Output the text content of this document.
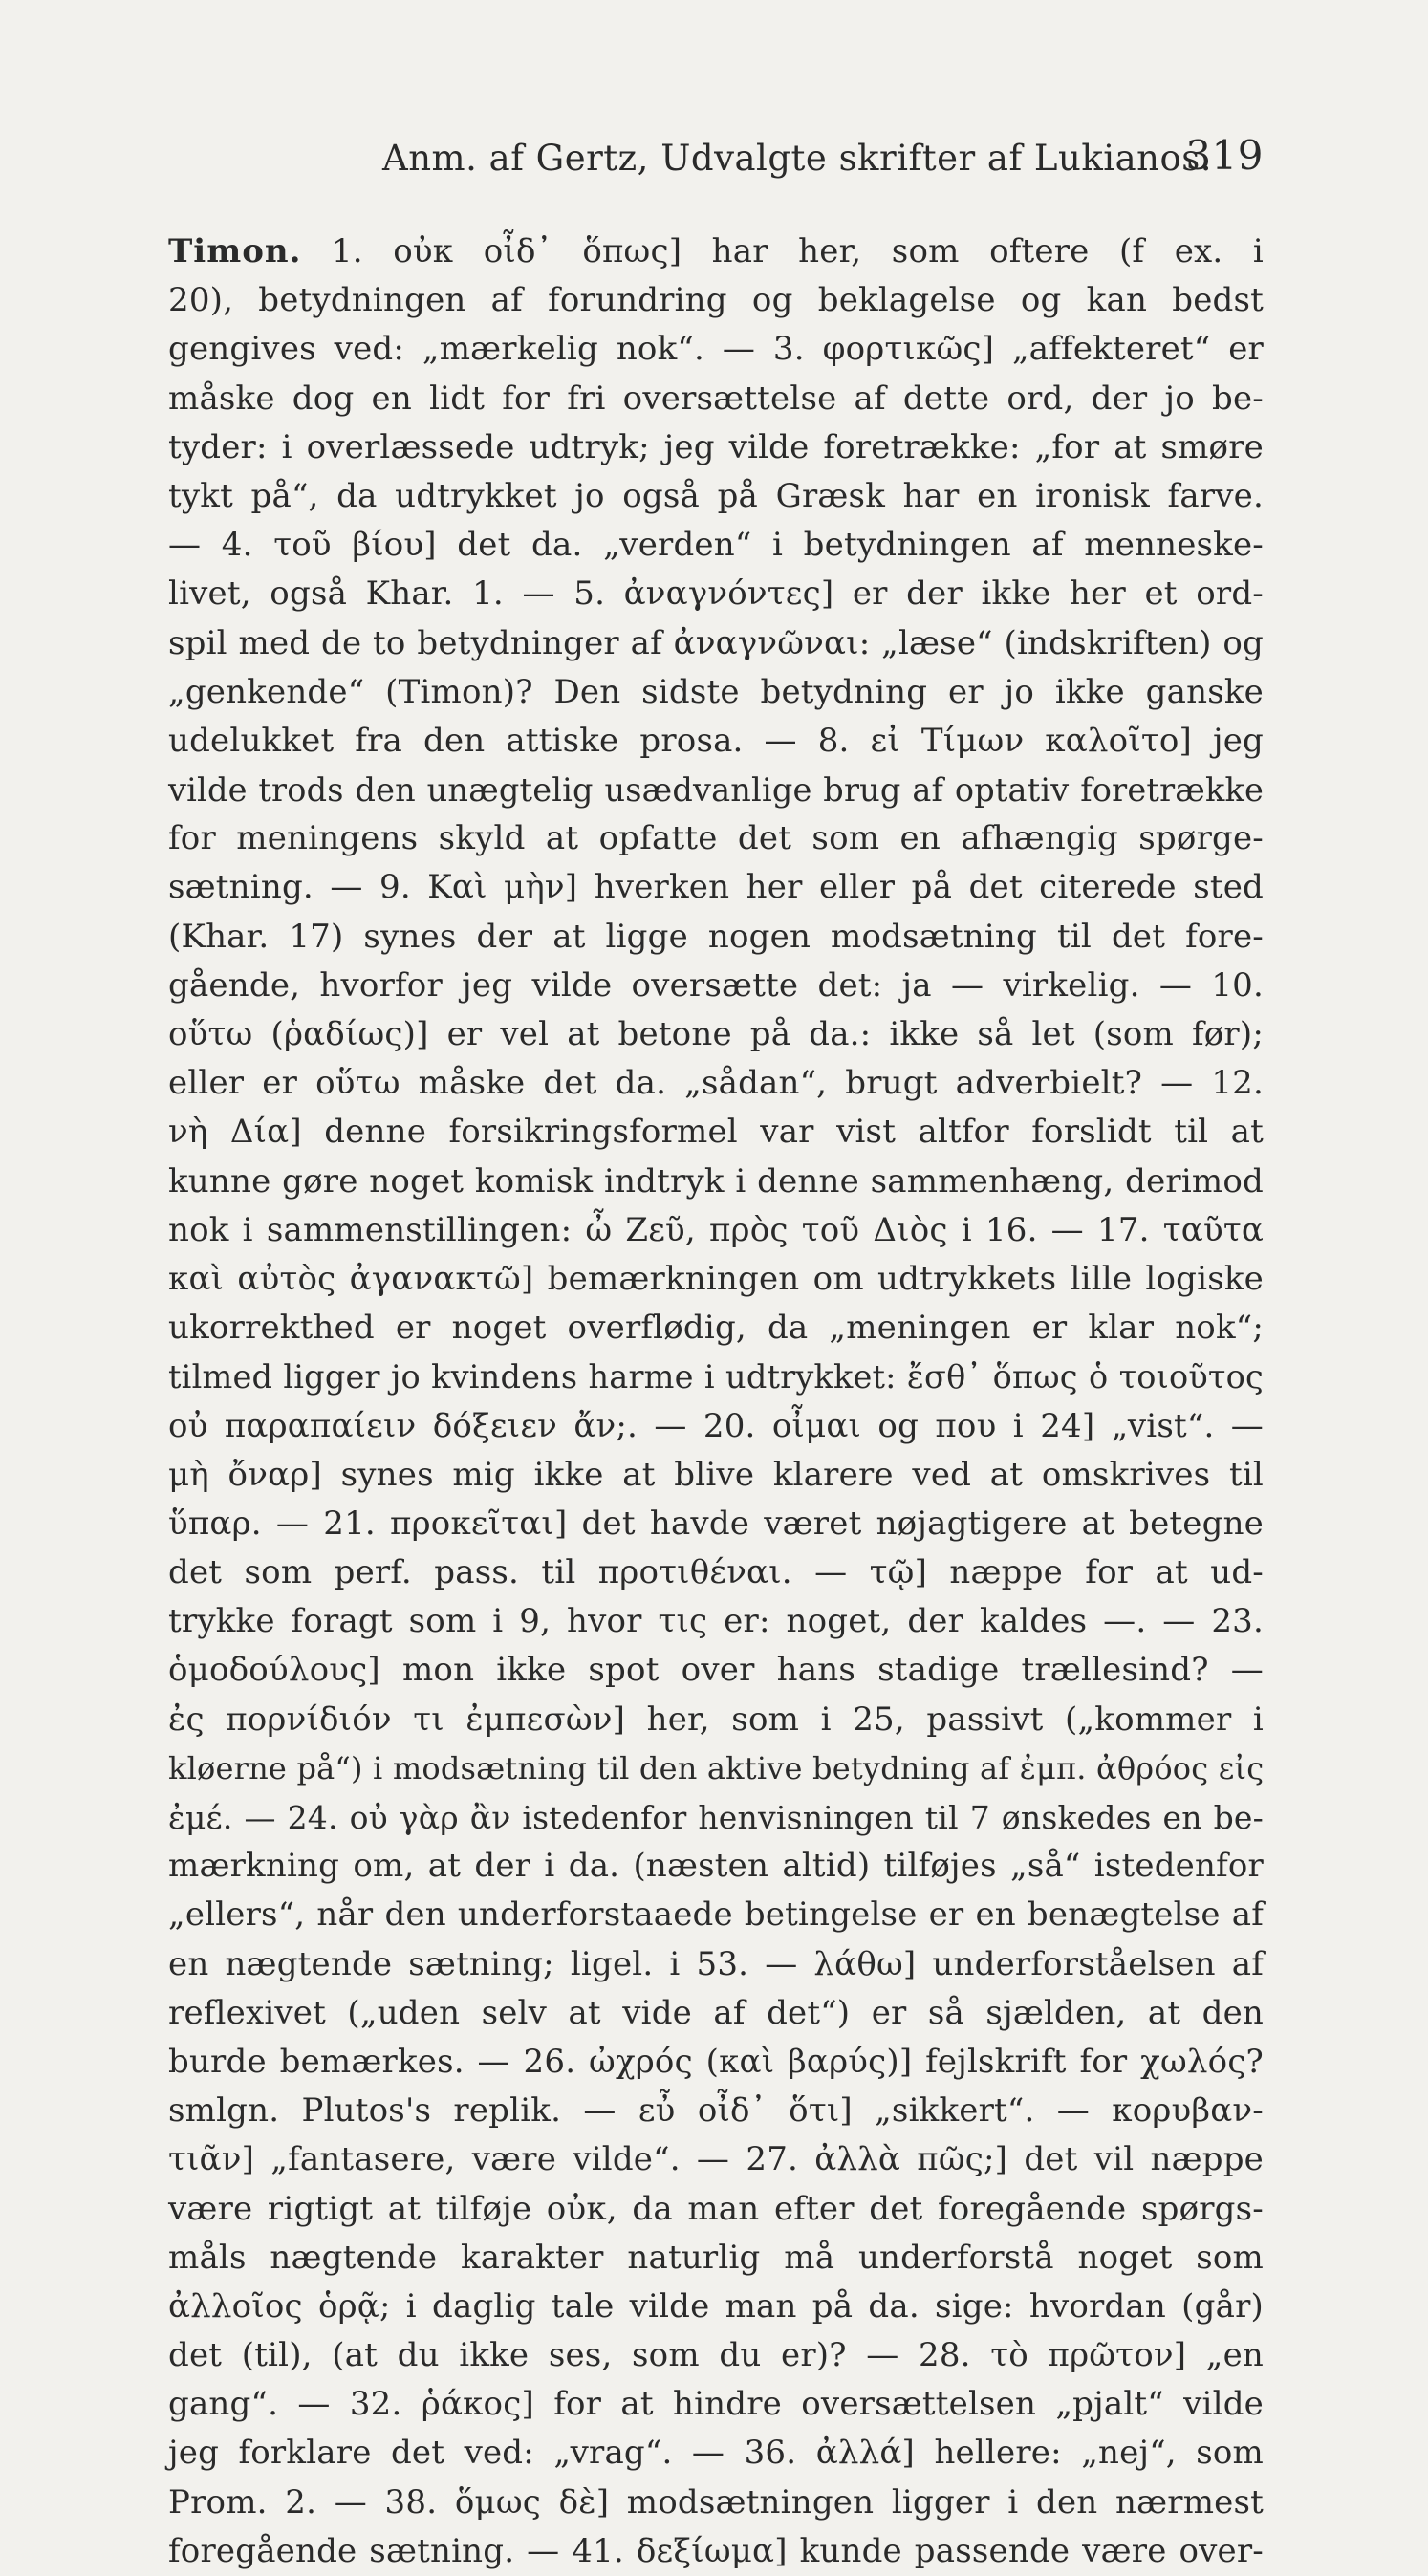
Anm. af Gertz, Udvalgte skrifter af Lukianos.
319
Timon. 1. οὐκ οἶδ᾽ ὅπως] har her, som oftere (f ex. i
20), betydningen af forundring og beklagelse og kan bedst
gengives ved: „mærkelig nok“. — 3. φορτικῶς] „affekteret“ er
måske dog en lidt for fri oversættelse af dette ord, der jo be-
tyder: i overlæssede udtryk; jeg vilde foretrække: „for at smøre
tykt på“, da udtrykket jo også på Græsk har en ironisk farve.
— 4. τοῦ βίου] det da. „verden“ i betydningen af menneske-
livet, også Khar. 1. — 5. ἀναγνόντες] er der ikke her et ord-
spil med de to betydninger af ἀναγνῶναι: „læse“ (indskriften) og
„genkende“ (Timon)? Den sidste betydning er jo ikke ganske
udelukket fra den attiske prosa. — 8. εἰ Τίμων καλοῖτο] jeg
vilde trods den unægtelig usædvanlige brug af optativ foretrække
for meningens skyld at opfatte det som en afhængig spørge-
sætning. — 9. Καὶ μὴν] hverken her eller på det citerede sted
(Khar. 17) synes der at ligge nogen modsætning til det fore-
gående, hvorfor jeg vilde oversætte det: ja — virkelig. — 10.
οὕτω (ῥαδίως)] er vel at betone på da.: ikke så let (som før);
eller er οὕτω måske det da. „sådan“, brugt adverbielt? — 12.
νὴ Δία] denne forsikringsformel var vist altfor forslidt til at
kunne gøre noget komisk indtryk i denne sammenhæng, derimod
nok i sammenstillingen: ὦ Ζεῦ, πρὸς τοῦ Διὸς i 16. — 17. ταῦτα
καὶ αὐτὸς ἀγανακτῶ] bemærkningen om udtrykkets lille logiske
ukorrekthed er noget overflødig, da „meningen er klar nok“;
tilmed ligger jo kvindens harme i udtrykket: ἔσθ᾽ ὅπως ὁ τοιοῦτος
οὐ παραπαίειν δόξειεν ἄν;. — 20. οἶμαι og που i 24] „vist“. —
μὴ ὄναρ] synes mig ikke at blive klarere ved at omskrives til
ὕπαρ. — 21. προκεῖται] det havde været nøjagtigere at betegne
det som perf. pass. til προτιθέναι. — τῷ] næppe for at ud-
trykke foragt som i 9, hvor τις er: noget, der kaldes —. — 23.
ὁμοδούλους] mon ikke spot over hans stadige trællesind? —
ἐς πορνίδιόν τι ἐμπεσὼν] her, som i 25, passivt („kommer i
kløerne på“) i modsætning til den aktive betydning af ἐμπ. ἀθρόος εἰς
ἐμέ. — 24. οὐ γὰρ ἂν istedenfor henvisningen til 7 ønskedes en be-
mærkning om, at der i da. (næsten altid) tilføjes „så“ istedenfor
„ellers“, når den underforstaaede betingelse er en benægtelse af
en nægtende sætning; ligel. i 53. — λάθω] underforståelsen af
reflexivet („uden selv at vide af det“) er så sjælden, at den
burde bemærkes. — 26. ὠχρός (καὶ βαρύς)] fejlskrift for χωλός?
smlgn. Plutos's replik. — εὖ οἶδ᾽ ὅτι] „sikkert“. — κορυβαν-
τιᾶν] „fantasere, være vilde“. — 27. ἀλλὰ πῶς;] det vil næppe
være rigtigt at tilføje οὐκ, da man efter det foregående spørgs-
måls nægtende karakter naturlig må underforstå noget som
ἀλλοῖος ὁρᾷ; i daglig tale vilde man på da. sige: hvordan (går)
det (til), (at du ikke ses, som du er)? — 28. τὸ πρῶτον] „en
gang“. — 32. ῥάκος] for at hindre oversættelsen „pjalt“ vilde
jeg forklare det ved: „vrag“. — 36. ἀλλά] hellere: „nej“, som
Prom. 2. — 38. ὅμως δὲ] modsætningen ligger i den nærmest
foregående sætning. — 41. δεξίωμα] kunde passende være over-
